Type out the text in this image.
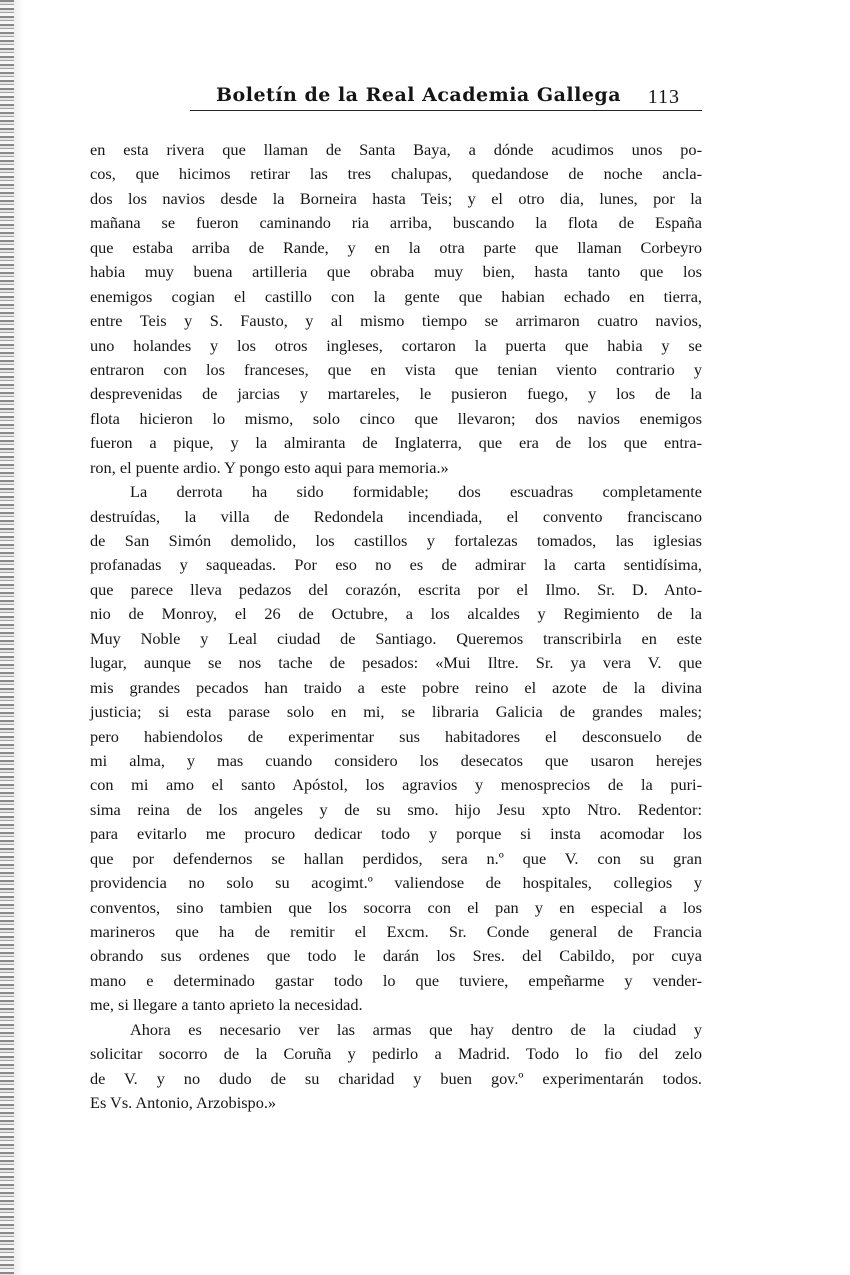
Boletín de la Real Academia Gallega 113
en esta rivera que llaman de Santa Baya, a dónde acudimos unos po-
cos, que hicimos retirar las tres chalupas, quedandose de noche ancla-
dos los navios desde la Borneira hasta Teis; y el otro dia, lunes, por la
mañana se fueron caminando ria arriba, buscando la flota de España
que estaba arriba de Rande, y en la otra parte que llaman Corbeyro
habia muy buena artilleria que obraba muy bien, hasta tanto que los
enemigos cogian el castillo con la gente que habian echado en tierra,
entre Teis y S. Fausto, y al mismo tiempo se arrimaron cuatro navios,
uno holandes y los otros ingleses, cortaron la puerta que habia y se
entraron con los franceses, que en vista que tenian viento contrario y
desprevenidas de jarcias y martareles, le pusieron fuego, y los de la
flota hicieron lo mismo, solo cinco que llevaron; dos navios enemigos
fueron a pique, y la almiranta de Inglaterra, que era de los que entra-
ron, el puente ardio. Y pongo esto aqui para memoria.»
La derrota ha sido formidable; dos escuadras completamente
destruídas, la villa de Redondela incendiada, el convento franciscano
de San Simón demolido, los castillos y fortalezas tomados, las iglesias
profanadas y saqueadas. Por eso no es de admirar la carta sentidísima,
que parece lleva pedazos del corazón, escrita por el Ilmo. Sr. D. Anto-
nio de Monroy, el 26 de Octubre, a los alcaldes y Regimiento de la
Muy Noble y Leal ciudad de Santiago. Queremos transcribirla en este
lugar, aunque se nos tache de pesados: «Mui Iltre. Sr. ya vera V. que
mis grandes pecados han traido a este pobre reino el azote de la divina
justicia; si esta parase solo en mi, se libraria Galicia de grandes males;
pero habiendolos de experimentar sus habitadores el desconsuelo de
mi alma, y mas cuando considero los desecatos que usaron herejes
con mi amo el santo Apóstol, los agravios y menosprecios de la puri-
sima reina de los angeles y de su smo. hijo Jesu xpto Ntro. Redentor:
para evitarlo me procuro dedicar todo y porque si insta acomodar los
que por defendernos se hallan perdidos, sera n.º que V. con su gran
providencia no solo su acogimt.º valiendose de hospitales, collegios y
conventos, sino tambien que los socorra con el pan y en especial a los
marineros que ha de remitir el Excm. Sr. Conde general de Francia
obrando sus ordenes que todo le darán los Sres. del Cabildo, por cuya
mano e determinado gastar todo lo que tuviere, empeñarme y vender-
me, si llegare a tanto aprieto la necesidad.
Ahora es necesario ver las armas que hay dentro de la ciudad y
solicitar socorro de la Coruña y pedirlo a Madrid. Todo lo fio del zelo
de V. y no dudo de su charidad y buen gov.º experimentarán todos.
Es Vs. Antonio, Arzobispo.»
